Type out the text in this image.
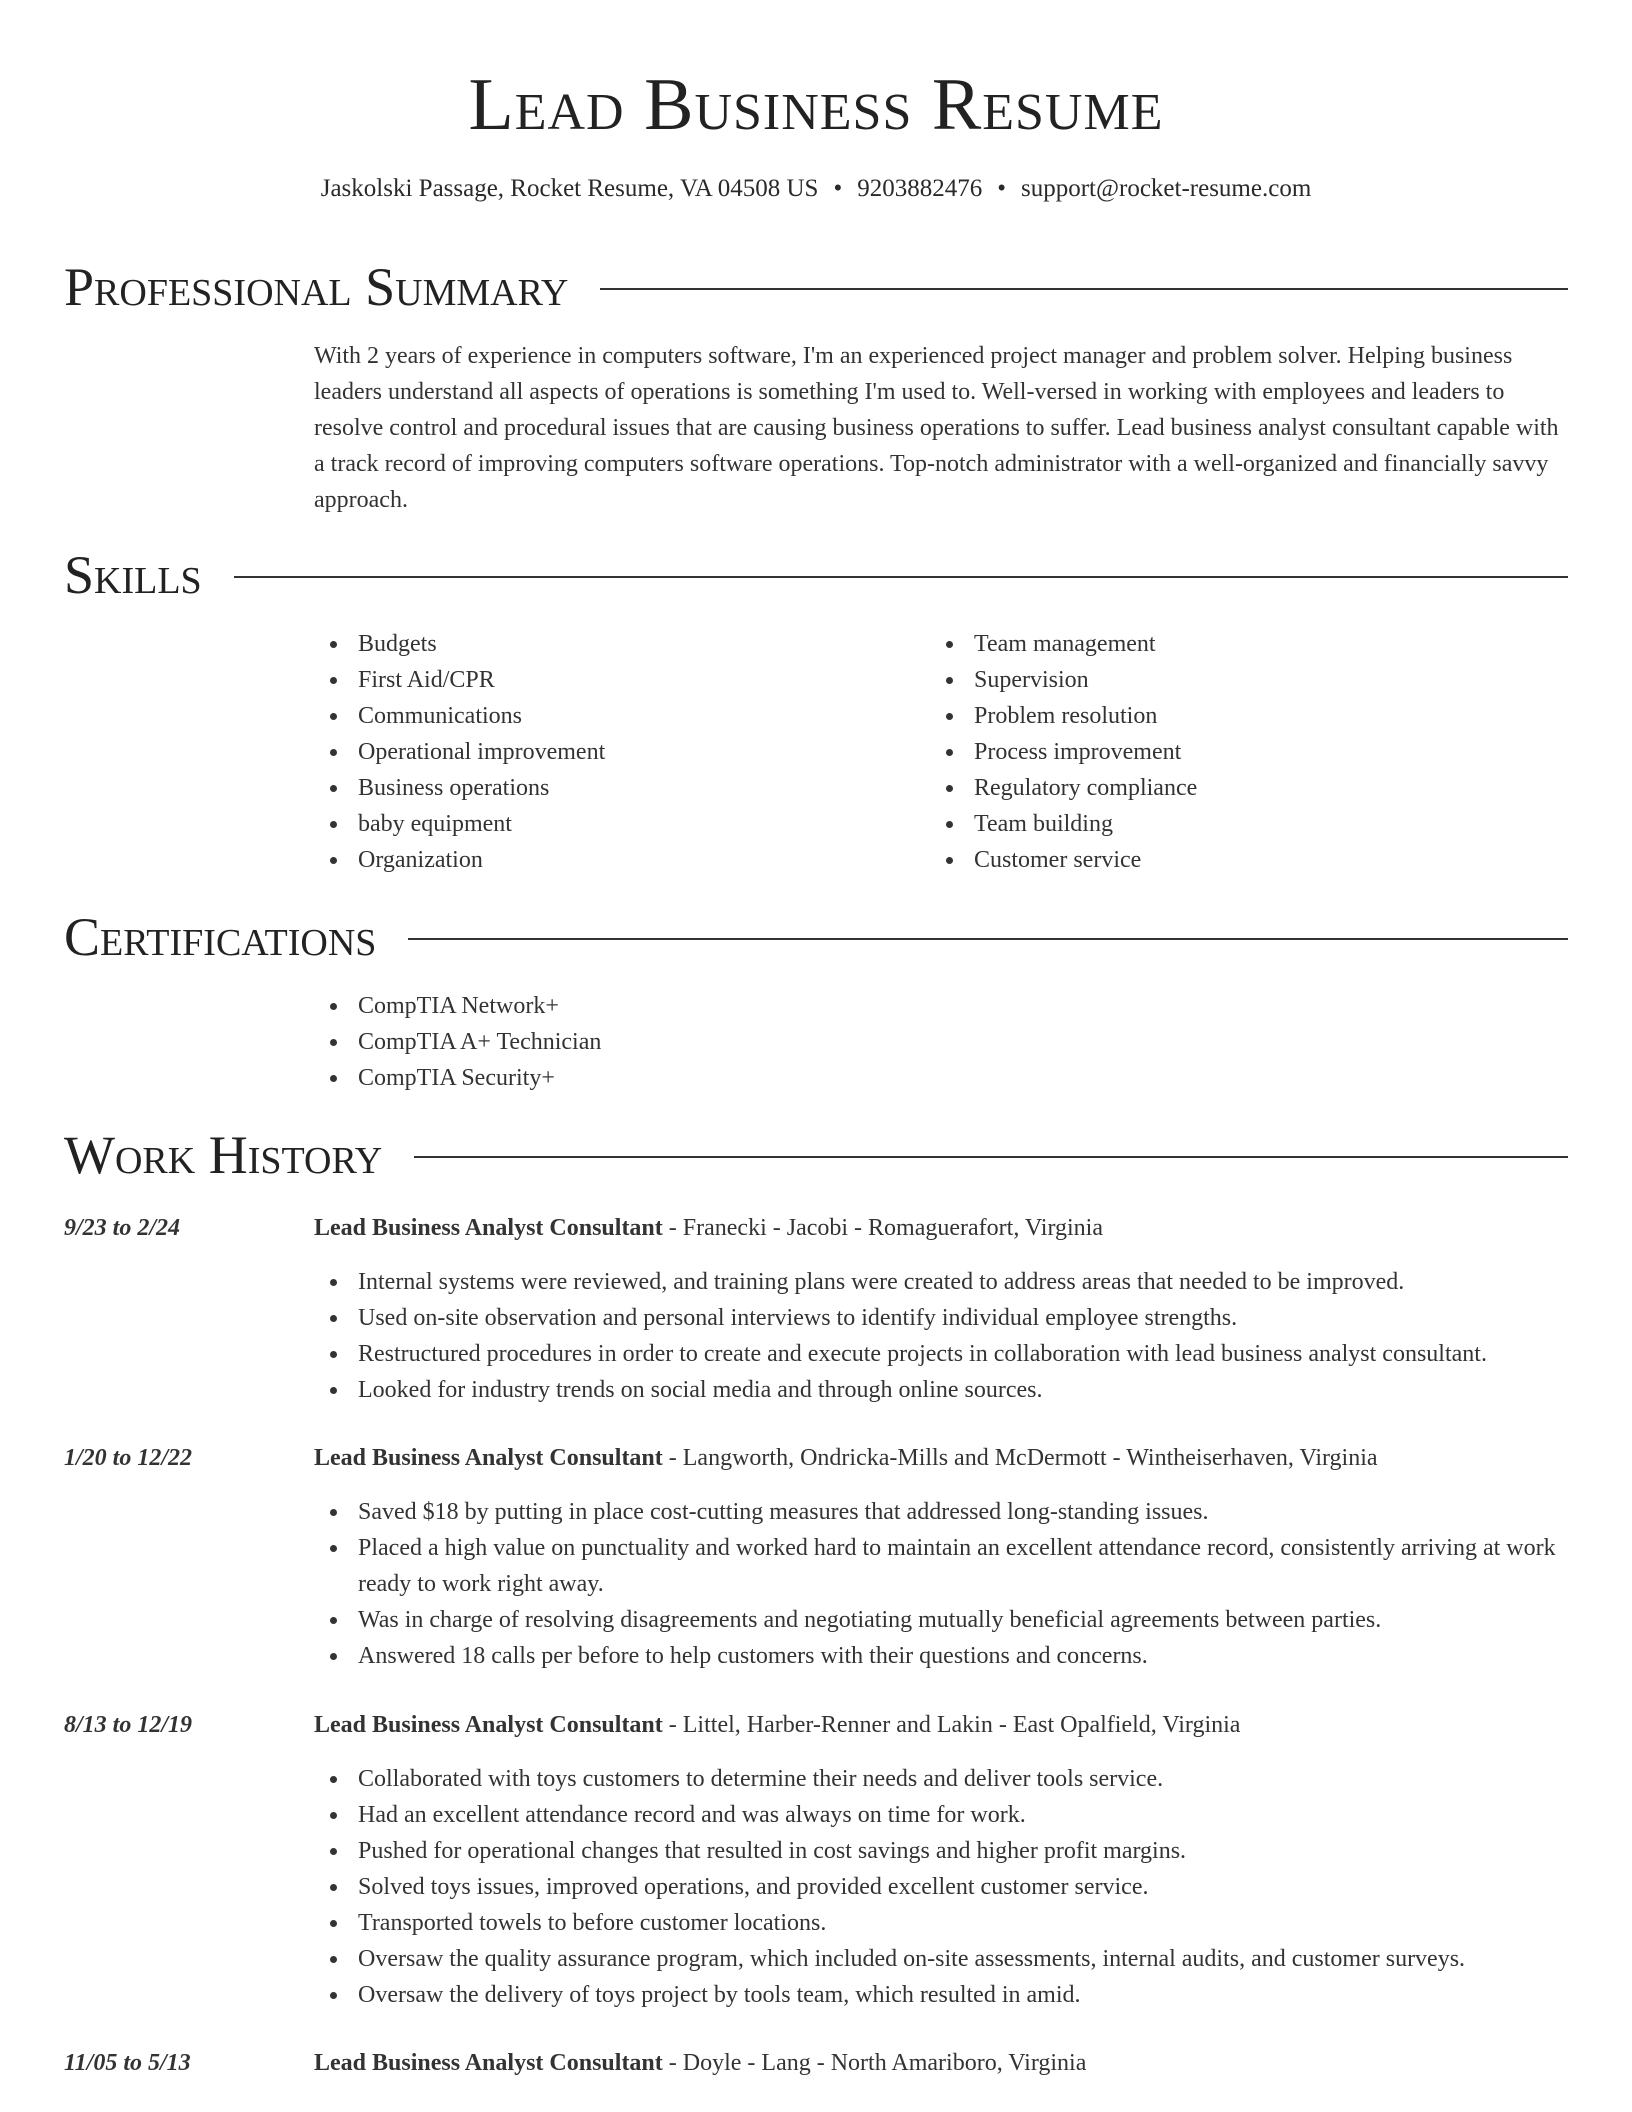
Lead Business Resume
Jaskolski Passage, Rocket Resume, VA 04508 US • 9203882476 • support@rocket-resume.com
Professional Summary

With 2 years of experience in computers software, I'm an experienced project manager and problem solver. Helping business leaders understand all aspects of operations is something I'm used to. Well-versed in working with employees and leaders to resolve control and procedural issues that are causing business operations to suffer. Lead business analyst consultant capable with a track record of improving computers software operations. Top-notch administrator with a well-organized and financially savvy approach.

Skills
Budgets
First Aid/CPR
Communications
Operational improvement
Business operations
baby equipment
Organization
Team management
Supervision
Problem resolution
Process improvement
Regulatory compliance
Team building
Customer service
Certifications
CompTIA Network+
CompTIA A+ Technician
CompTIA Security+
Work History
9/23 to 2/24	Lead Business Analyst Consultant - Franecki - Jacobi - Romaguerafort, Virginia
Internal systems were reviewed, and training plans were created to address areas that needed to be improved.
Used on-site observation and personal interviews to identify individual employee strengths.
Restructured procedures in order to create and execute projects in collaboration with lead business analyst consultant.
Looked for industry trends on social media and through online sources.
1/20 to 12/22	Lead Business Analyst Consultant - Langworth, Ondricka-Mills and McDermott - Wintheiserhaven, Virginia
Saved $18 by putting in place cost-cutting measures that addressed long-standing issues.
Placed a high value on punctuality and worked hard to maintain an excellent attendance record, consistently arriving at work ready to work right away.
Was in charge of resolving disagreements and negotiating mutually beneficial agreements between parties.
Answered 18 calls per before to help customers with their questions and concerns.
8/13 to 12/19	Lead Business Analyst Consultant - Littel, Harber-Renner and Lakin - East Opalfield, Virginia
Collaborated with toys customers to determine their needs and deliver tools service.
Had an excellent attendance record and was always on time for work.
Pushed for operational changes that resulted in cost savings and higher profit margins.
Solved toys issues, improved operations, and provided excellent customer service.
Transported towels to before customer locations.
Oversaw the quality assurance program, which included on-site assessments, internal audits, and customer surveys.
Oversaw the delivery of toys project by tools team, which resulted in amid.
11/05 to 5/13	Lead Business Analyst Consultant - Doyle - Lang - North Amariboro, Virginia
